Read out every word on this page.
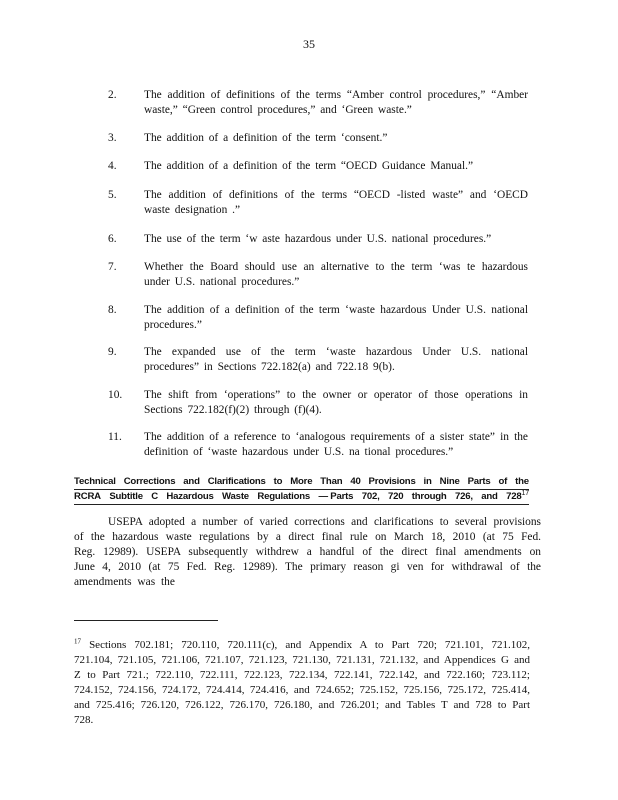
35
2.	The addition of definitions of the terms “Amber control procedures,” “Amber waste,” “Green control procedures,” and ‘Green waste.”
3.	The addition of a definition of the term ‘consent.”
4.	The addition of a definition of the term “OECD Guidance Manual.”
5.	The addition of definitions of the terms “OECD -listed waste” and ‘OECD waste designation .”
6.	The use of the term ‘w aste hazardous under U.S. national procedures.”
7.	Whether the Board should use an alternative to the term ‘was te hazardous under U.S. national procedures.”
8.	The addition of a definition of the term ‘waste hazardous Under U.S. national procedures.”
9.	The expanded use of the term ‘waste hazardous Under U.S. national procedures” in Sections 722.182(a) and 722.18 9(b).
10.	The shift from ‘operations” to the owner or operator of those operations in Sections 722.182(f)(2) through (f)(4).
11.	The addition of a reference to ‘analogous requirements of a sister state” in the definition of ‘waste hazardous under U.S. na tional procedures.”
Technical Corrections and Clarifications to More Than 40 Provisions in Nine Parts of the
RCRA Subtitle C Hazardous Waste Regulations — Parts 702, 720 through 726, and $728^{17}$
USEPA adopted a number of varied corrections and clarifications to several provisions of the hazardous waste regulations by a direct final rule on March 18, 2010 (at 75 Fed. Reg. 12989). USEPA subsequently withdrew a handful of the direct final amendments on June 4, 2010 (at 75 Fed. Reg. 12989). The primary reason gi ven for withdrawal of the amendments was the
$^{17}$ Sections 702.181; 720.110, 720.111(c), and Appendix A to Part 720; 721.101, 721.102, 721.104, 721.105, 721.106, 721.107, 721.123, 721.130, 721.131, 721.132, and Appendices G and Z to Part 721.; 722.110, 722.111, 722.123, 722.134, 722.141, 722.142, and 722.160; 723.112; 724.152, 724.156, 724.172, 724.414, 724.416, and 724.652; 725.152, 725.156, 725.172, 725.414, and 725.416; 726.120, 726.122, 726.170, 726.180, and 726.201; and Tables T and 728 to Part 728.
